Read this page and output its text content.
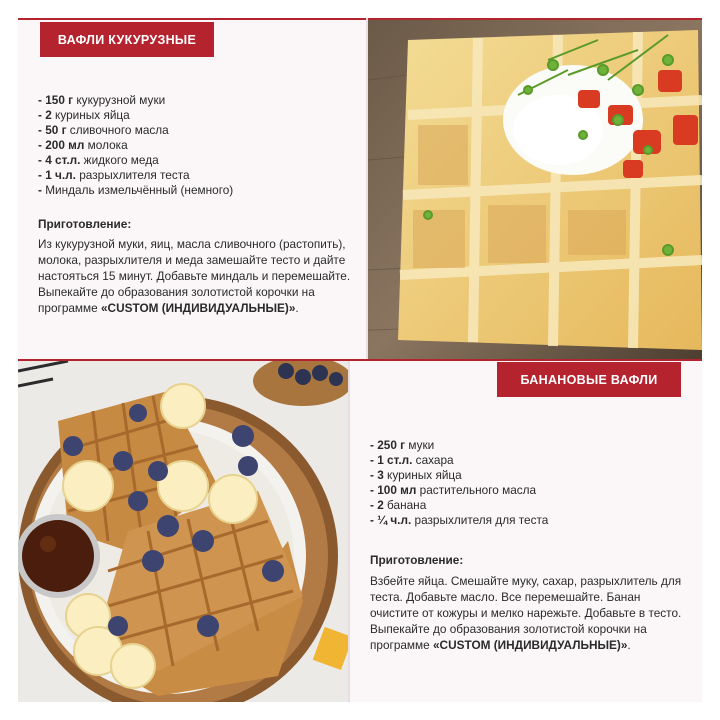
ВАФЛИ КУКУРУЗНЫЕ
- 150 г кукурузной муки
- 2 куриных яйца
- 50 г сливочного масла
- 200 мл молока
- 4 ст.л. жидкого меда
- 1 ч.л. разрыхлителя теста
- Миндаль измельчённый (немного)
Приготовление:

Из кукурузной муки, яиц, масла сливочного (растопить), молока, разрыхлителя и меда замешайте тесто и дайте настояться 15 минут. Добавьте миндаль и перемешайте. Выпекайте до образования золотистой корочки на программе «CUSTOM (ИНДИВИДУАЛЬНЫЕ)».

БАНАНОВЫЕ ВАФЛИ
- 250 г муки
- 1 ст.л. сахара
- 3 куриных яйца
- 100 мл растительного масла
- 2 банана
- ¼ ч.л. разрыхлителя для теста
Приготовление:

Взбейте яйца. Смешайте муку, сахар, разрыхлитель для теста. Добавьте масло. Все перемешайте. Банан очистите от кожуры и мелко нарежьте. Добавьте в тесто. Выпекайте до образования золотистой корочки на программе «CUSTOM (ИНДИВИДУАЛЬНЫЕ)».
